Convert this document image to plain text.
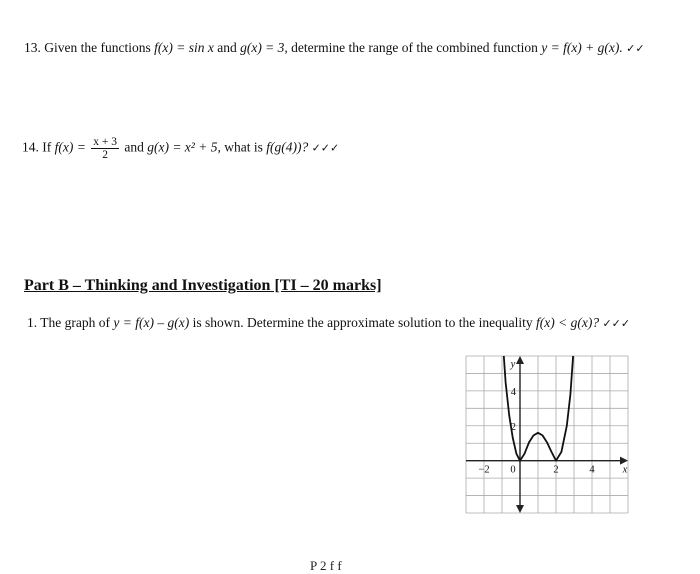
13. Given the functions f(x) = sin x and g(x) = 3, determine the range of the combined function y = f(x) + g(x). ✓✓
14. If $f(x) = \frac{x + 3}{2}$ and g(x) = x² + 5, what is f(g(4))? ✓✓✓
Part B – Thinking and Investigation [TI – 20 marks]
1. The graph of y = f(x) – g(x) is shown. Determine the approximate solution to the inequality f(x) < g(x)? ✓✓✓
−2 0	2	4
2
4
x
y
P 2 f f
